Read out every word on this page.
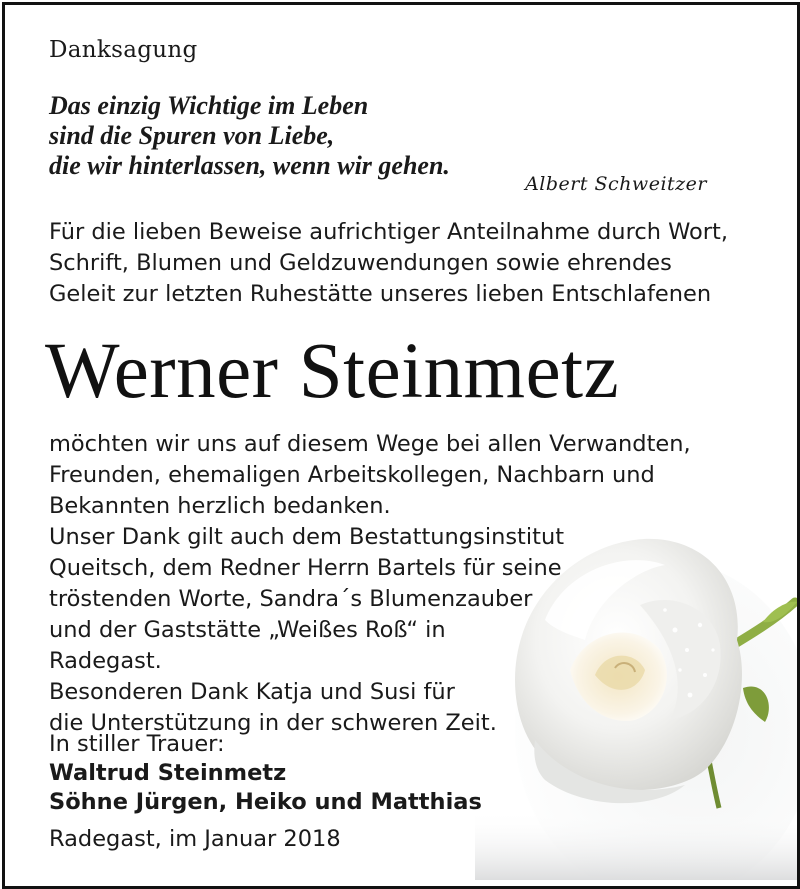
Danksagung
Das einzig Wichtige im Leben
sind die Spuren von Liebe,
die wir hinterlassen, wenn wir gehen.
Albert Schweitzer
Für die lieben Beweise aufrichtiger Anteilnahme durch Wort,
Schrift, Blumen und Geldzuwendungen sowie ehrendes
Geleit zur letzten Ruhestätte unseres lieben Entschlafenen
Werner Steinmetz
möchten wir uns auf diesem Wege bei allen Verwandten,
Freunden, ehemaligen Arbeitskollegen, Nachbarn und
Bekannten herzlich bedanken.
Unser Dank gilt auch dem Bestattungsinstitut
Queitsch, dem Redner Herrn Bartels für seine
tröstenden Worte, Sandra´s Blumenzauber
und der Gaststätte „Weißes Roß“ in
Radegast.
Besonderen Dank Katja und Susi für
die Unterstützung in der schweren Zeit.
In stiller Trauer:
Waltrud Steinmetz
Söhne Jürgen, Heiko und Matthias
Radegast, im Januar 2018
